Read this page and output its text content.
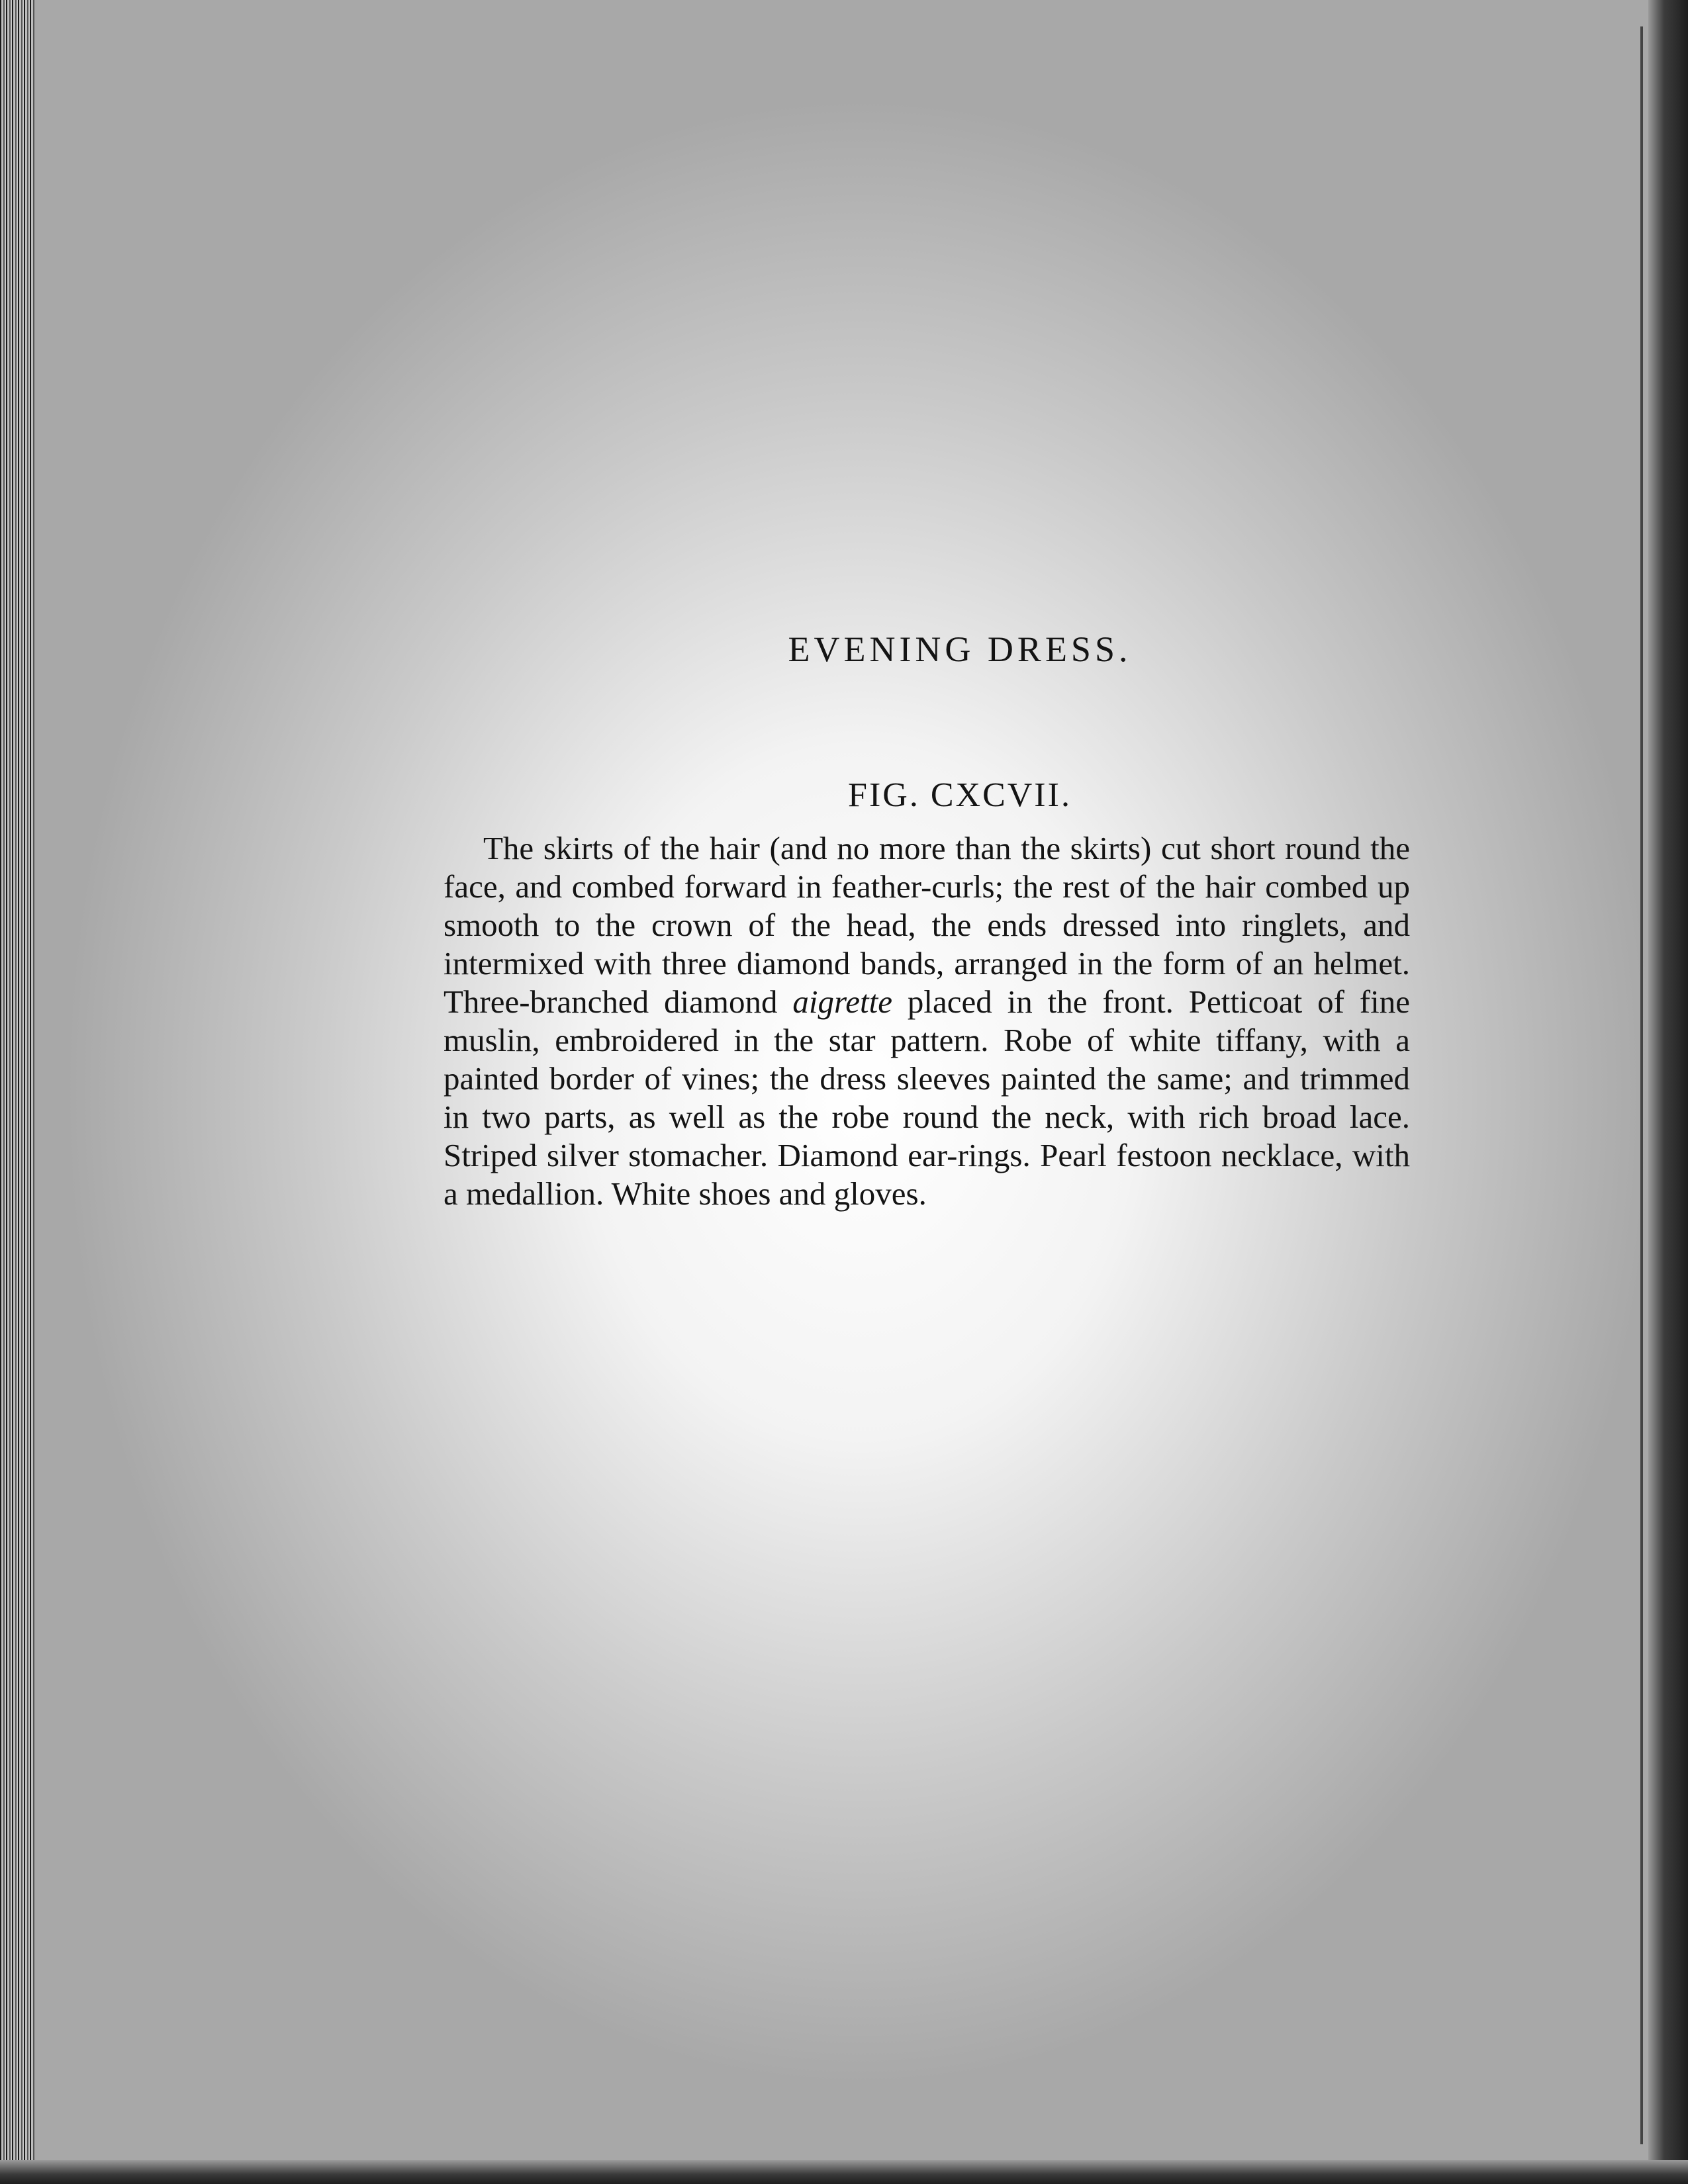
EVENING DRESS.
FIG. CXCVII.

The skirts of the hair (and no more than the skirts) cut short round the face, and combed forward in feather-curls; the rest of the hair combed up smooth to the crown of the head, the ends dressed into ringlets, and intermixed with three diamond bands, arranged in the form of an helmet. Three-branched diamond aigrette placed in the front. Petticoat of fine muslin, embroidered in the star pattern. Robe of white tiffany, with a painted border of vines; the dress sleeves painted the same; and trimmed in two parts, as well as the robe round the neck, with rich broad lace. Striped silver stomacher. Diamond ear-rings. Pearl festoon necklace, with a medallion. White shoes and gloves.
